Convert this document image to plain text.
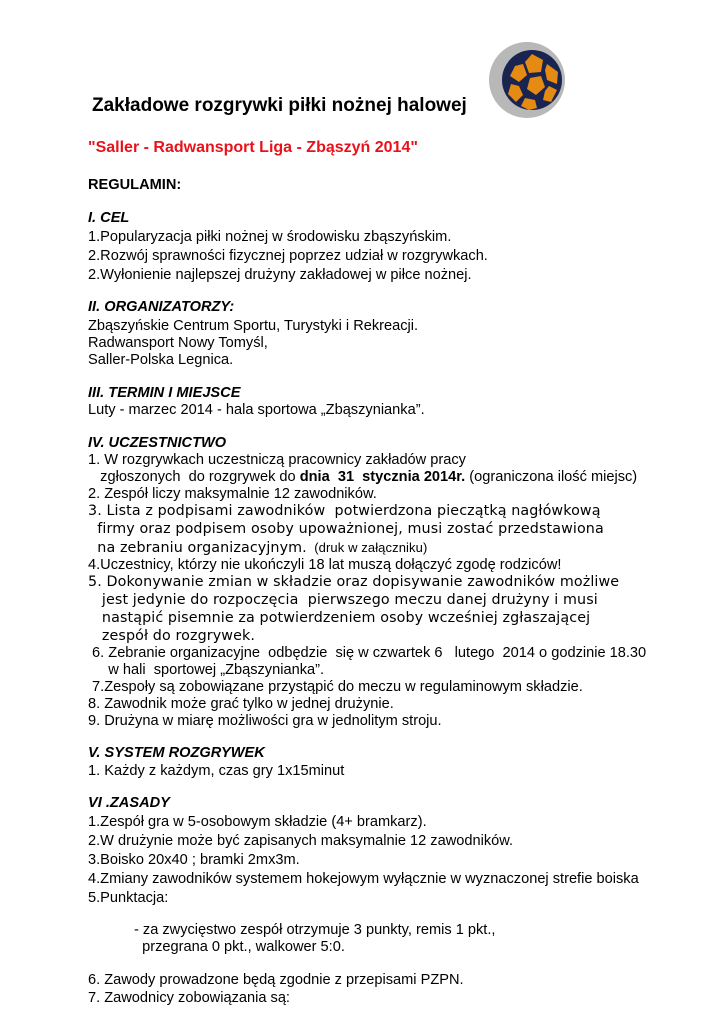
Zakładowe rozgrywki piłki nożnej halowej
"Saller - Radwansport Liga - Zbąszyń 2014"
REGULAMIN:
I. CEL
1.Popularyzacja piłki nożnej w środowisku zbąszyńskim.
2.Rozwój sprawności fizycznej poprzez udział w rozgrywkach.
2.Wyłonienie najlepszej drużyny zakładowej w piłce nożnej.
II. ORGANIZATORZY:
Zbąszyńskie Centrum Sportu, Turystyki i Rekreacji.
Radwansport Nowy Tomyśl,
Saller-Polska Legnica.
III. TERMIN I MIEJSCE
Luty - marzec 2014 - hala sportowa „Zbąszynianka”.
IV. UCZESTNICTWO
1. W rozgrywkach uczestniczą pracownicy zakładów pracy
zgłoszonych  do rozgrywek do dnia  31  stycznia 2014r. (ograniczona ilość miejsc)
2. Zespół liczy maksymalnie 12 zawodników.
3. Lista z podpisami zawodników  potwierdzona pieczątką nagłówkową
firmy oraz podpisem osoby upoważnionej, musi zostać przedstawiona
na zebraniu organizacyjnym.  (druk w załączniku)
4.Uczestnicy, którzy nie ukończyli 18 lat muszą dołączyć zgodę rodziców!
5. Dokonywanie zmian w składzie oraz dopisywanie zawodników możliwe
jest jedynie do rozpoczęcia  pierwszego meczu danej drużyny i musi
nastąpić pisemnie za potwierdzeniem osoby wcześniej zgłaszającej
zespół do rozgrywek.
6. Zebranie organizacyjne  odbędzie  się w czwartek 6   lutego  2014 o godzinie 18.30
w hali  sportowej „Zbąszynianka”.
7.Zespoły są zobowiązane przystąpić do meczu w regulaminowym składzie.
8. Zawodnik może grać tylko w jednej drużynie.
9. Drużyna w miarę możliwości gra w jednolitym stroju.
V. SYSTEM ROZGRYWEK
1. Każdy z każdym, czas gry 1x15minut
VI .ZASADY
1.Zespół gra w 5-osobowym składzie (4+ bramkarz).
2.W drużynie może być zapisanych maksymalnie 12 zawodników.
3.Boisko 20x40 ; bramki 2mx3m.
4.Zmiany zawodników systemem hokejowym wyłącznie w wyznaczonej strefie boiska
5.Punktacja:
- za zwycięstwo zespół otrzymuje 3 punkty, remis 1 pkt.,
przegrana 0 pkt., walkower 5:0.
6. Zawody prowadzone będą zgodnie z przepisami PZPN.
7. Zawodnicy zobowiązania są:
